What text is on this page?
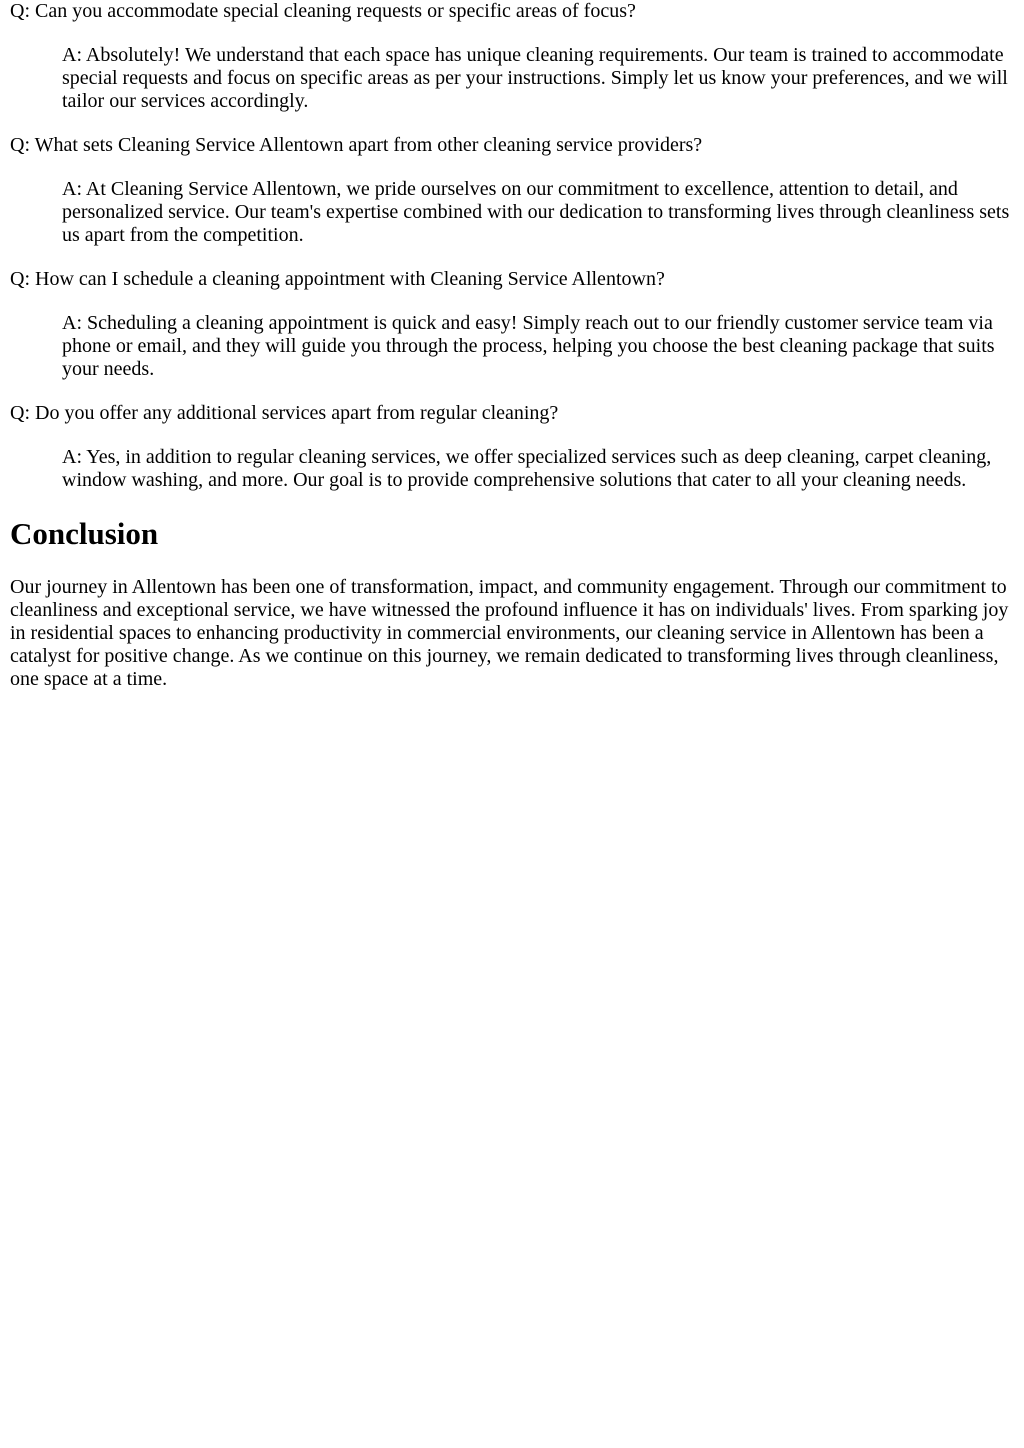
Q: Can you accommodate special cleaning requests or specific areas of focus?

A: Absolutely! We understand that each space has unique cleaning requirements. Our team is trained to accommodate special requests and focus on specific areas as per your instructions. Simply let us know your preferences, and we will tailor our services accordingly.

Q: What sets Cleaning Service Allentown apart from other cleaning service providers?

A: At Cleaning Service Allentown, we pride ourselves on our commitment to excellence, attention to detail, and personalized service. Our team's expertise combined with our dedication to transforming lives through cleanliness sets us apart from the competition.

Q: How can I schedule a cleaning appointment with Cleaning Service Allentown?

A: Scheduling a cleaning appointment is quick and easy! Simply reach out to our friendly customer service team via phone or email, and they will guide you through the process, helping you choose the best cleaning package that suits your needs.

Q: Do you offer any additional services apart from regular cleaning?

A: Yes, in addition to regular cleaning services, we offer specialized services such as deep cleaning, carpet cleaning, window washing, and more. Our goal is to provide comprehensive solutions that cater to all your cleaning needs.

Conclusion

Our journey in Allentown has been one of transformation, impact, and community engagement. Through our commitment to cleanliness and exceptional service, we have witnessed the profound influence it has on individuals' lives. From sparking joy in residential spaces to enhancing productivity in commercial environments, our cleaning service in Allentown has been a catalyst for positive change. As we continue on this journey, we remain dedicated to transforming lives through cleanliness, one space at a time.
